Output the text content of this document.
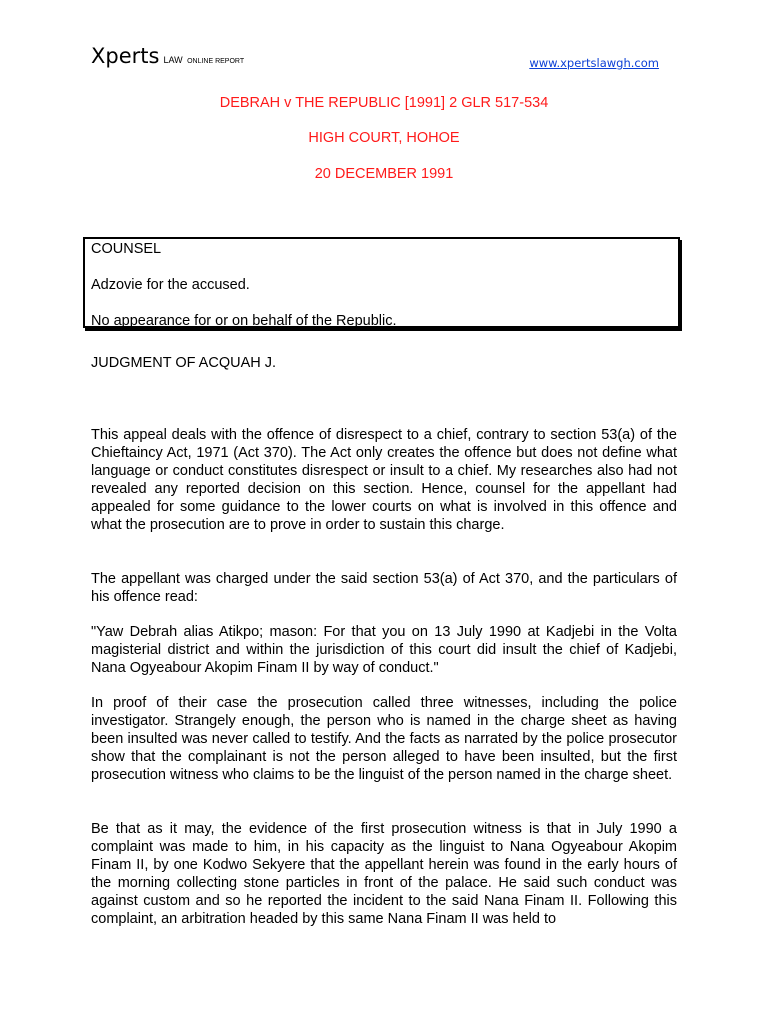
Xperts LAW ONLINE REPORT	www.xpertslawgh.com
DEBRAH v THE REPUBLIC [1991] 2 GLR 517-534
HIGH COURT, HOHOE
20 DECEMBER 1991
COUNSEL
Adzovie for the accused.
No appearance for or on behalf of the Republic.
JUDGMENT OF ACQUAH J.
This appeal deals with the offence of disrespect to a chief, contrary to section 53(a) of the Chieftaincy Act, 1971 (Act 370). The Act only creates the offence but does not define what language or conduct constitutes disrespect or insult to a chief. My researches also had not revealed any reported decision on this section. Hence, counsel for the appellant had appealed for some guidance to the lower courts on what is involved in this offence and what the prosecution are to prove in order to sustain this charge.
The appellant was charged under the said section 53(a) of Act 370, and the particulars of his offence read:
"Yaw Debrah alias Atikpo; mason: For that you on 13 July 1990 at Kadjebi in the Volta magisterial district and within the jurisdiction of this court did insult the chief of Kadjebi, Nana Ogyeabour Akopim Finam II by way of conduct."
In proof of their case the prosecution called three witnesses, including the police investigator. Strangely enough, the person who is named in the charge sheet as having been insulted was never called to testify. And the facts as narrated by the police prosecutor show that the complainant is not the person alleged to have been insulted, but the first prosecution witness who claims to be the linguist of the person named in the charge sheet.
Be that as it may, the evidence of the first prosecution witness is that in July 1990 a complaint was made to him, in his capacity as the linguist to Nana Ogyeabour Akopim Finam II, by one Kodwo Sekyere that the appellant herein was found in the early hours of the morning collecting stone particles in front of the palace. He said such conduct was against custom and so he reported the incident to the said Nana Finam II. Following this complaint, an arbitration headed by this same Nana Finam II was held to
